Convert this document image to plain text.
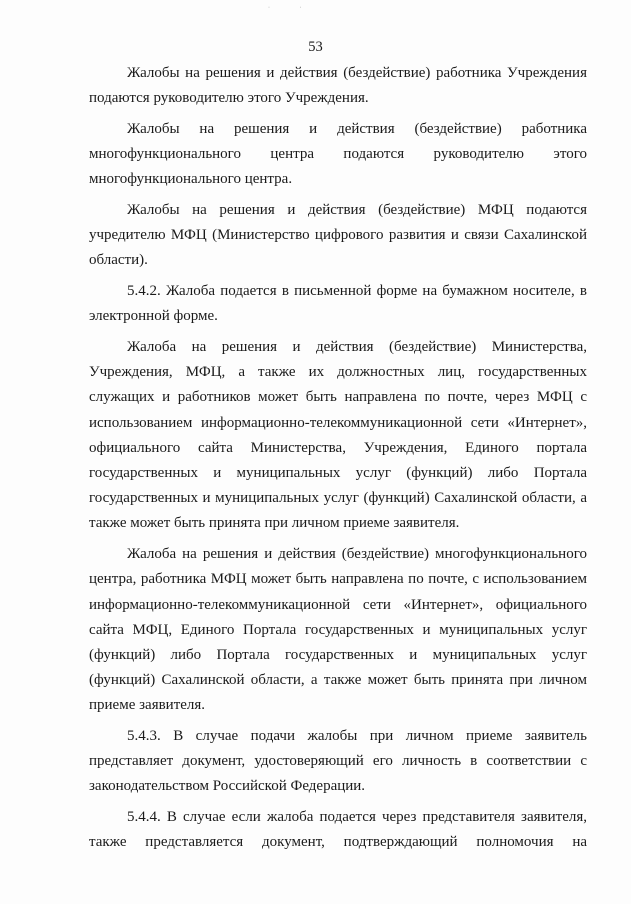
· ·
53

Жалобы на решения и действия (бездействие) работника Учреждения подаются руководителю этого Учреждения.

Жалобы на решения и действия (бездействие) работника многофункционального центра подаются руководителю этого многофункционального центра.

Жалобы на решения и действия (бездействие) МФЦ подаются учредителю МФЦ (Министерство цифрового развития и связи Сахалинской области).

5.4.2. Жалоба подается в письменной форме на бумажном носителе, в электронной форме.

Жалоба на решения и действия (бездействие) Министерства, Учреждения, МФЦ, а также их должностных лиц, государственных служащих и работников может быть направлена по почте, через МФЦ с использованием информационно-телекоммуникационной сети «Интернет», официального сайта Министерства, Учреждения, Единого портала государственных и муниципальных услуг (функций) либо Портала государственных и муниципальных услуг (функций) Сахалинской области, а также может быть принята при личном приеме заявителя.

Жалоба на решения и действия (бездействие) многофункционального центра, работника МФЦ может быть направлена по почте, с использованием информационно-телекоммуникационной сети «Интернет», официального сайта МФЦ, Единого Портала государственных и муниципальных услуг (функций) либо Портала государственных и муниципальных услуг (функций) Сахалинской области, а также может быть принята при личном приеме заявителя.

5.4.3. В случае подачи жалобы при личном приеме заявитель представляет документ, удостоверяющий его личность в соответствии с законодательством Российской Федерации.

5.4.4. В случае если жалоба подается через представителя заявителя, также представляется документ, подтверждающий полномочия на
